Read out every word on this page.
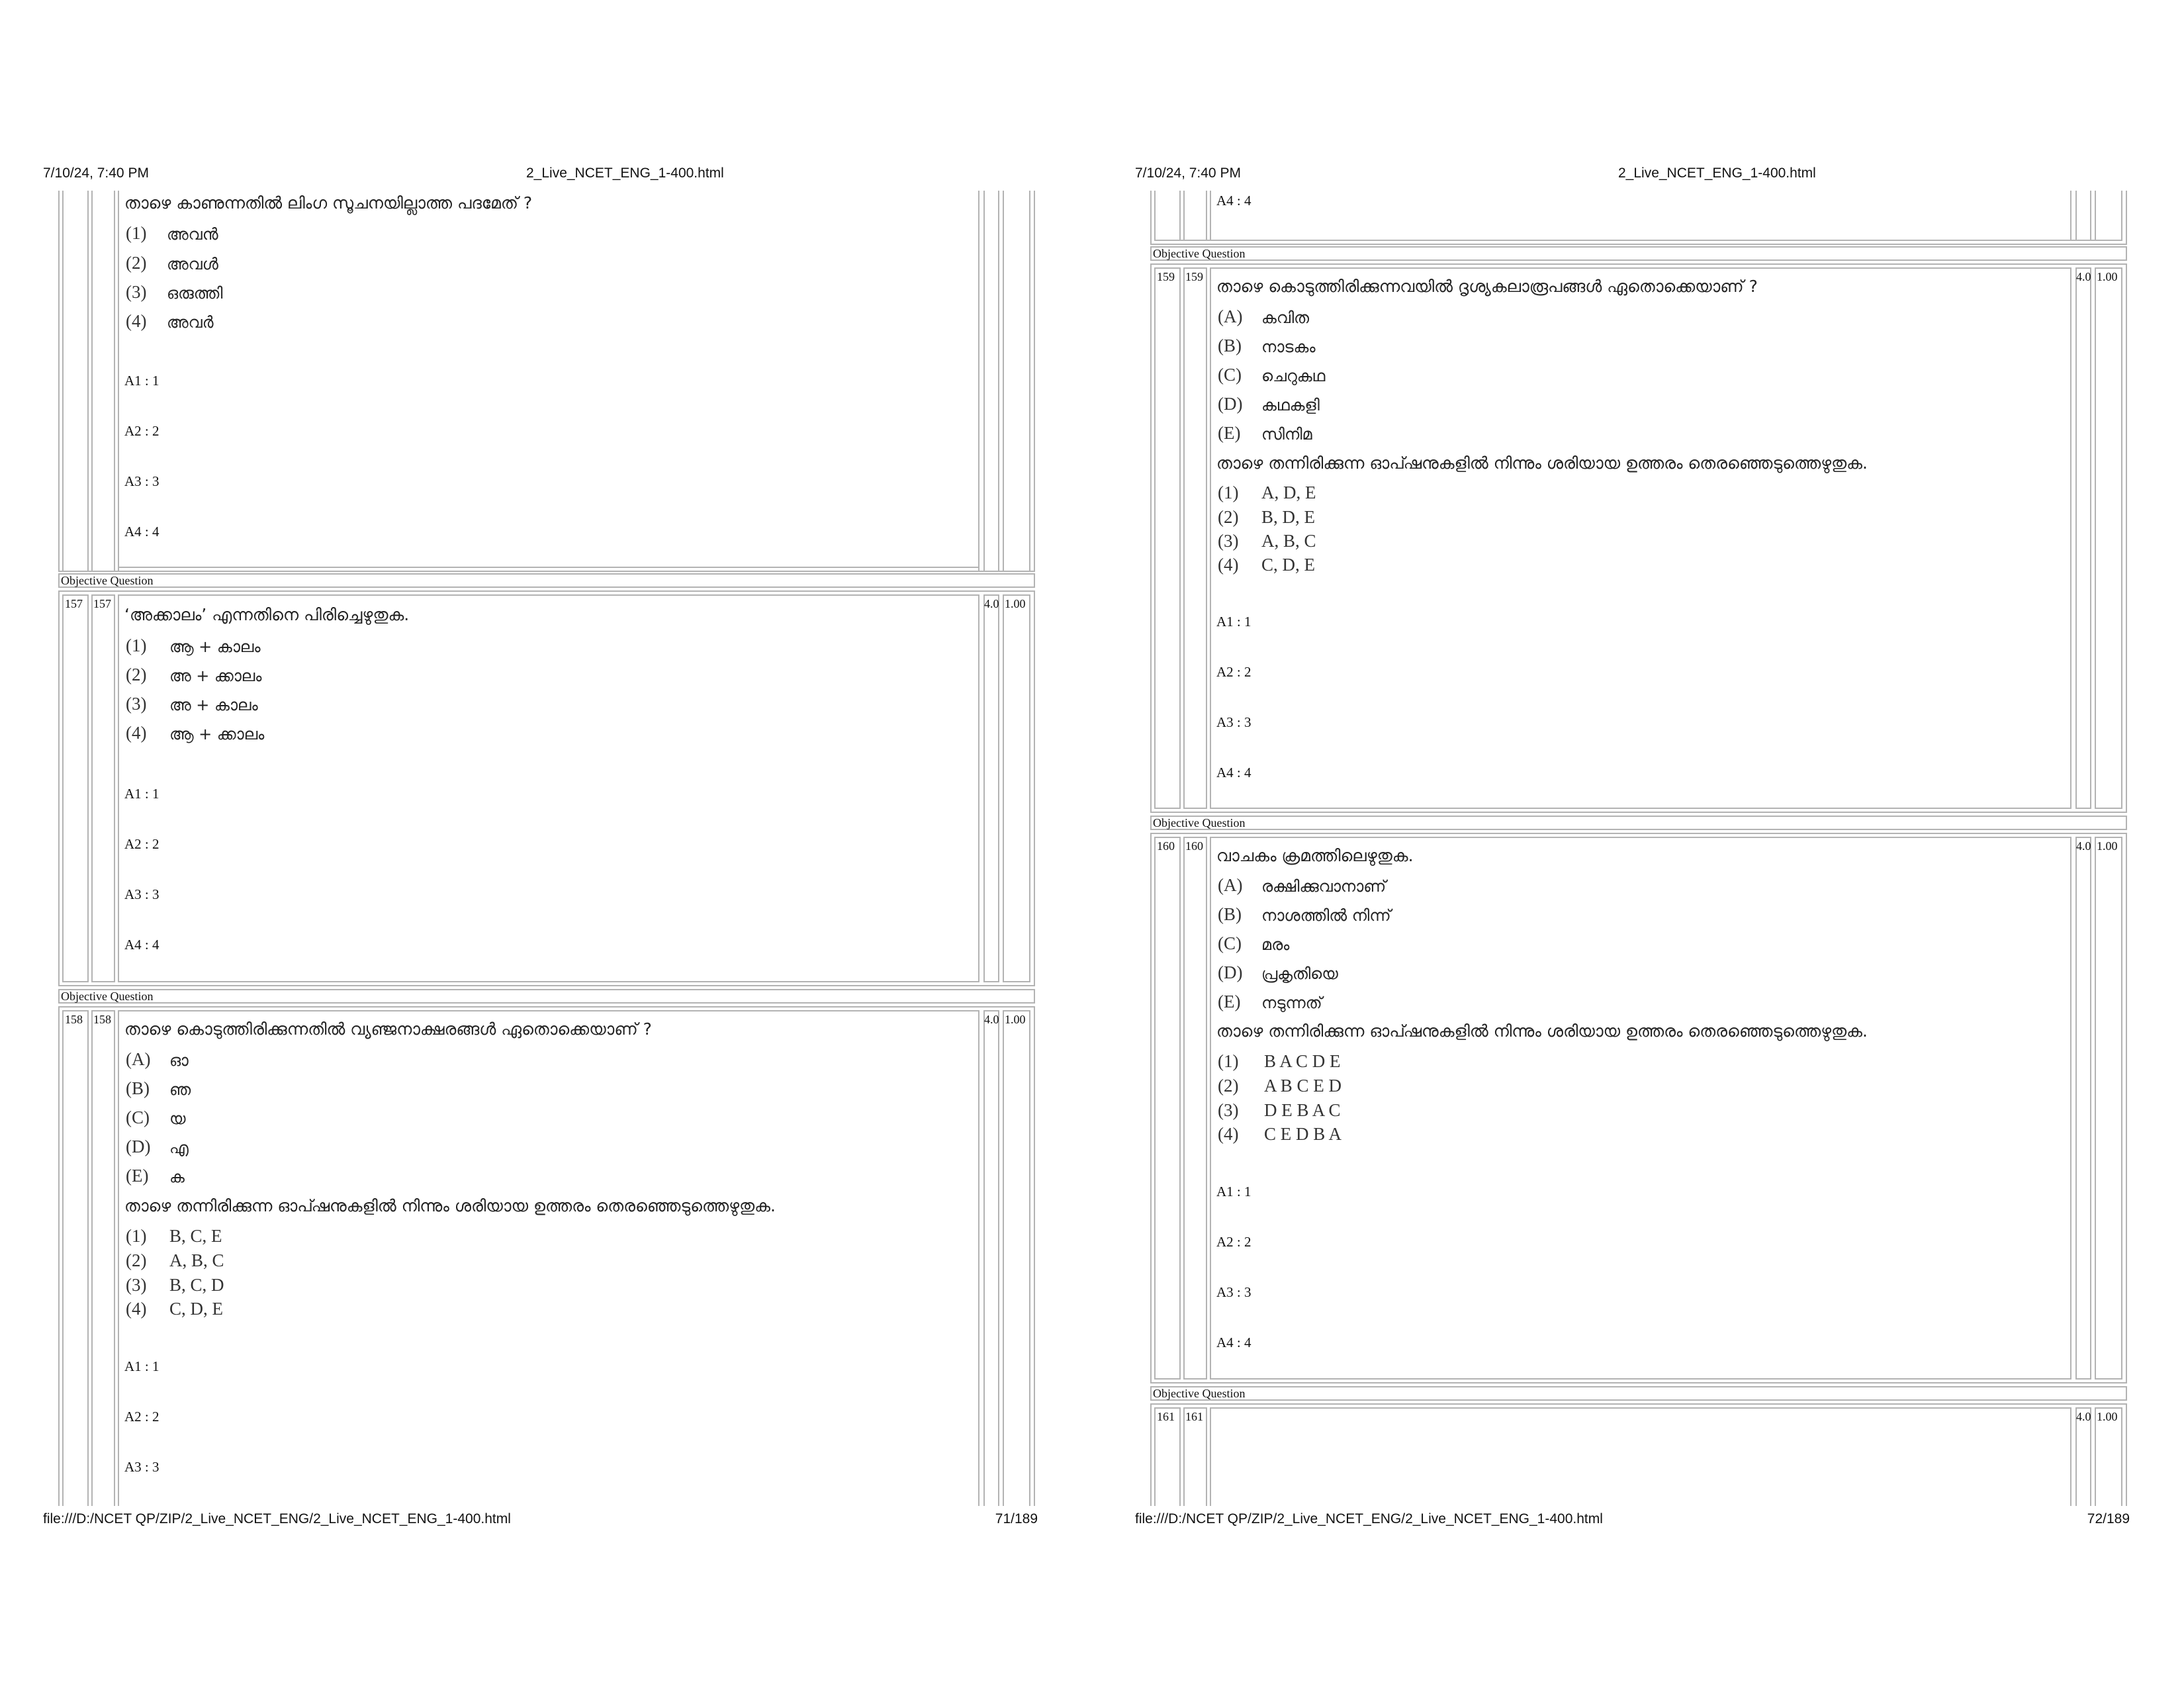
7/10/24, 7:40 PM	2_Live_NCET_ENG_1-400.html
താഴെ കാണുന്നതിൽ ലിംഗ സൂചനയില്ലാത്ത പദമേത് ?
(1) അവൻ
(2) അവൾ
(3) ഒരുത്തി
(4) അവർ
A1 : 1
A2 : 2
A3 : 3
A4 : 4
Objective Question
157 157	4.0 1.00
‘അക്കാലം’ എന്നതിനെ പിരിച്ചെഴുതുക.
(1) ആ + കാലം
(2) അ + ക്കാലം
(3) അ + കാലം
(4) ആ + ക്കാലം
A1 : 1
A2 : 2
A3 : 3
A4 : 4
Objective Question
158 158	4.0 1.00
താഴെ കൊടുത്തിരിക്കുന്നതിൽ വ്യഞ്ജനാക്ഷരങ്ങൾ ഏതൊക്കെയാണ് ?
(A) ഓ
(B) ഞ
(C) യ
(D) എ
(E) ക
താഴെ തന്നിരിക്കുന്ന ഓപ്ഷനുകളിൽ നിന്നും ശരിയായ ഉത്തരം തെരഞ്ഞെടുത്തെഴുതുക.
(1) B, C, E
(2) A, B, C
(3) B, C, D
(4) C, D, E
A1 : 1
A2 : 2
A3 : 3
file:///D:/NCET QP/ZIP/2_Live_NCET_ENG/2_Live_NCET_ENG_1-400.html	71/189
7/10/24, 7:40 PM	2_Live_NCET_ENG_1-400.html
A4 : 4
Objective Question
159 159	4.0 1.00
താഴെ കൊടുത്തിരിക്കുന്നവയിൽ ദൃശ്യകലാരൂപങ്ങൾ ഏതൊക്കെയാണ് ?
(A) കവിത
(B) നാടകം
(C) ചെറുകഥ
(D) കഥകളി
(E) സിനിമ
താഴെ തന്നിരിക്കുന്ന ഓപ്ഷനുകളിൽ നിന്നും ശരിയായ ഉത്തരം തെരഞ്ഞെടുത്തെഴുതുക.
(1) A, D, E
(2) B, D, E
(3) A, B, C
(4) C, D, E
A1 : 1
A2 : 2
A3 : 3
A4 : 4
Objective Question
160 160	4.0 1.00
വാചകം ക്രമത്തിലെഴുതുക.
(A) രക്ഷിക്കുവാനാണ്
(B) നാശത്തിൽ നിന്ന്
(C) മരം
(D) പ്രകൃതിയെ
(E) നടുന്നത്
താഴെ തന്നിരിക്കുന്ന ഓപ്ഷനുകളിൽ നിന്നും ശരിയായ ഉത്തരം തെരഞ്ഞെടുത്തെഴുതുക.
(1) B A C D E
(2) A B C E D
(3) D E B A C
(4) C E D B A
A1 : 1
A2 : 2
A3 : 3
A4 : 4
Objective Question
161 161	4.0 1.00
file:///D:/NCET QP/ZIP/2_Live_NCET_ENG/2_Live_NCET_ENG_1-400.html	72/189
